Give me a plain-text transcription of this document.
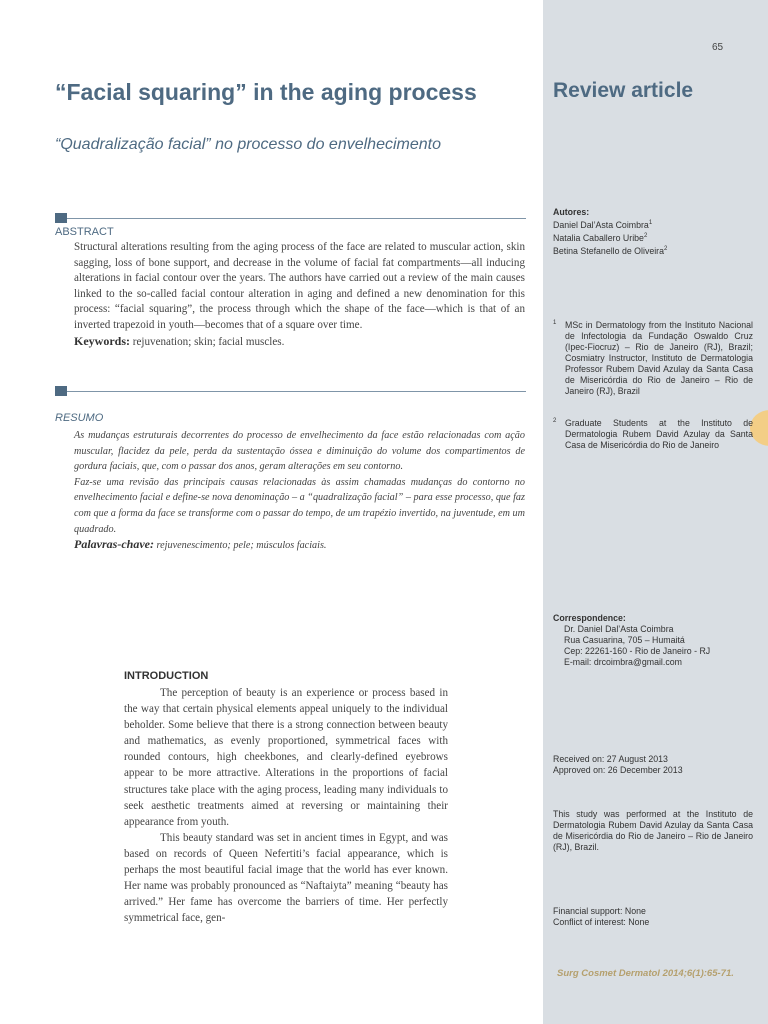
65
Review article
“Facial squaring” in the aging process
“Quadralização facial” no processo do envelhecimento
ABSTRACT
Structural alterations resulting from the aging process of the face are related to muscular action, skin sagging, loss of bone support, and decrease in the volume of facial fat compartments—all inducing alterations in facial contour over the years. The authors have carried out a review of the main causes linked to the so-called facial contour alteration in aging and defined a new denomination for this process: “facial squaring”, the process through which the shape of the face—which is that of an inverted trapezoid in youth—becomes that of a square over time.
Keywords: rejuvenation; skin; facial muscles.
RESUMO
As mudanças estruturais decorrentes do processo de envelhecimento da face estão relacionadas com ação muscular, flacidez da pele, perda da sustentação óssea e diminuição do volume dos compartimentos de gordura faciais, que, com o passar dos anos, geram alterações em seu contorno.
Faz-se uma revisão das principais causas relacionadas às assim chamadas mudanças do contorno no envelhecimento facial e define-se nova denominação – a “quadralização facial” – para esse processo, que faz com que a forma da face se transforme com o passar do tempo, de um trapézio invertido, na juventude, em um quadrado.
Palavras-chave: rejuvenescimento; pele; músculos faciais.
INTRODUCTION

The perception of beauty is an experience or process based in the way that certain physical elements appeal uniquely to the individual beholder. Some believe that there is a strong connection between beauty and mathematics, as evenly proportioned, symmetrical faces with rounded contours, high cheekbones, and clearly-defined eyebrows appear to be more attractive. Alterations in the proportions of facial structures take place with the aging process, leading many individuals to seek aesthetic treatments aimed at reversing or maintaining their appearance from youth.

This beauty standard was set in ancient times in Egypt, and was based on records of Queen Nefertiti’s facial appearance, which is perhaps the most beautiful facial image that the world has ever known. Her name was probably pronounced as “Naftaiyta” meaning “beauty has arrived.” Her fame has overcome the barriers of time. Her perfectly symmetrical face, gen-

Autores:
Daniel Dal’Asta Coimbra$^1$
Natalia Caballero Uribe$^2$
Betina Stefanello de Oliveira$^2$
1 MSc in Dermatology from the Instituto Nacional de Infectologia da Fundação Oswaldo Cruz (Ipec-Fiocruz) – Rio de Janeiro (RJ), Brazil; Cosmiatry Instructor, Instituto de Dermatologia Professor Rubem David Azulay da Santa Casa de Misericórdia do Rio de Janeiro – Rio de Janeiro (RJ), Brazil
2 Graduate Students at the Instituto de Dermatologia Rubem David Azulay da Santa Casa de Misericórdia do Rio de Janeiro
Correspondence:
Dr. Daniel Dal’Asta Coimbra
Rua Casuarina, 705 – Humaitá
Cep: 22261-160 - Rio de Janeiro - RJ
E-mail: drcoimbra@gmail.com
Received on: 27 August 2013
Approved on: 26 December 2013
This study was performed at the Instituto de Dermatologia Rubem David Azulay da Santa Casa de Misericórdia do Rio de Janeiro – Rio de Janeiro (RJ), Brazil.
Financial support: None
Conflict of interest: None
Surg Cosmet Dermatol 2014;6(1):65-71.
